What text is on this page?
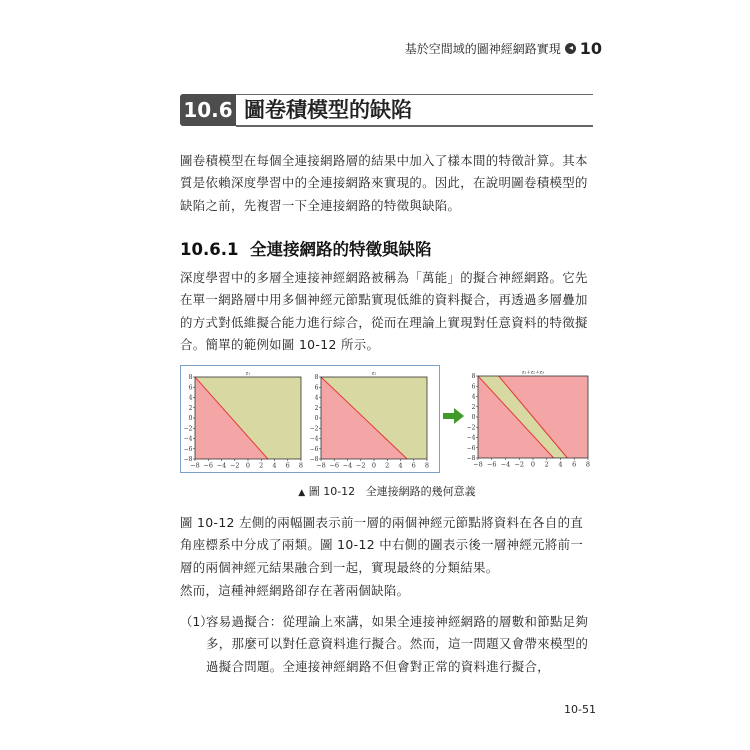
基於空間域的圖神經網路實現 10
10.6 圖卷積模型的缺陷
圖卷積模型在每個全連接網路層的結果中加入了樣本間的特徵計算。其本質是依賴深度學習中的全連接網路來實現的。因此，在說明圖卷積模型的缺陷之前，先複習一下全連接網路的特徵與缺陷。
10.6.1 全連接網路的特徵與缺陷
深度學習中的多層全連接神經網路被稱為「萬能」的擬合神經網路。它先在單一網路層中用多個神經元節點實現低維的資料擬合，再透過多層疊加的方式對低維擬合能力進行綜合，從而在理論上實現對任意資料的特徵擬合。簡單的範例如圖 10-12 所示。
z₁
8
6
4
2
0
−2
−4
−6
−8
−8 −6 −4 −2 0 2 4 6 8
z₂
8
6
4
2
0
−2
−4
−6
−8
−8 −6 −4 −2 0 2 4 6 8
z₁+z₂+z₃
8
6
4
2
0
−2
−4
−6
−8
−8 −6 −4 −2 0 2 4 6 8
▲ 圖 10-12 全連接網路的幾何意義
圖 10-12 左側的兩幅圖表示前一層的兩個神經元節點將資料在各自的直角座標系中分成了兩類。圖 10-12 中右側的圖表示後一層神經元將前一層的兩個神經元結果融合到一起，實現最終的分類結果。
然而，這種神經網路卻存在著兩個缺陷。
（1）
容易過擬合：從理論上來講，如果全連接神經網路的層數和節點足夠多，那麼可以對任意資料進行擬合。然而，這一問題又會帶來模型的過擬合問題。全連接神經網路不但會對正常的資料進行擬合，
10-51
